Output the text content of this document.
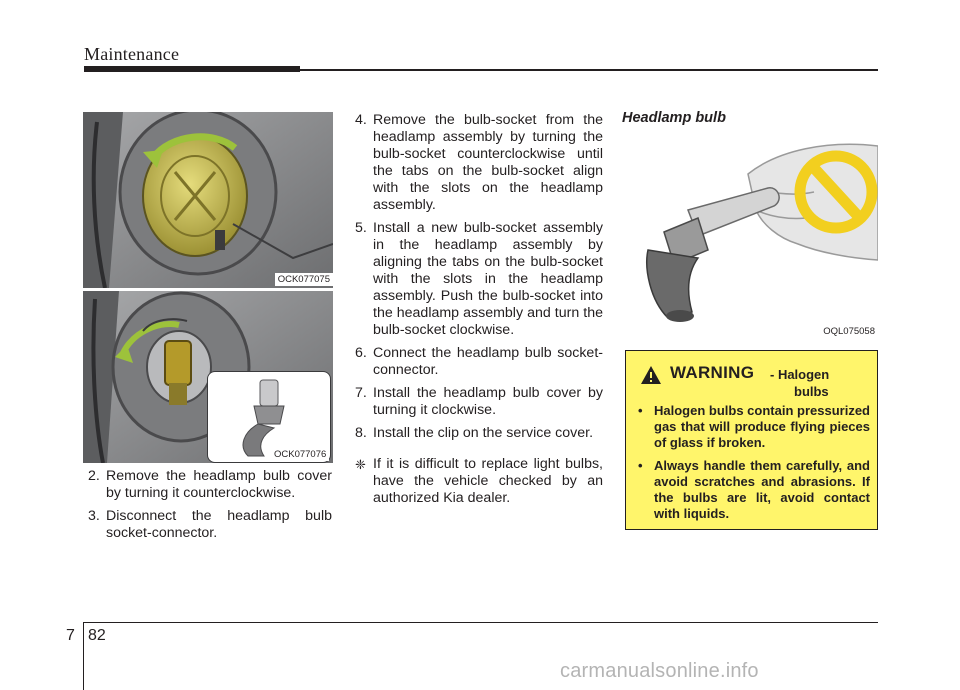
Maintenance
OCK077075
OCK077076
2. Remove the headlamp bulb cover by turning it counterclockwise.
3. Disconnect the headlamp bulb socket-connector.
4. Remove the bulb-socket from the headlamp assembly by turning the bulb-socket counterclockwise until the tabs on the bulb-socket align with the slots on the headlamp assembly.
5. Install a new bulb-socket assembly in the headlamp assembly by aligning the tabs on the bulb-socket with the slots in the headlamp assembly. Push the bulb-socket into the headlamp assembly and turn the bulb-socket clockwise.
6. Connect the headlamp bulb socket-connector.
7. Install the headlamp bulb cover by turning it clockwise.
8. Install the clip on the service cover.
❈ If it is difficult to replace light bulbs, have the vehicle checked by an authorized Kia dealer.
Headlamp bulb
OQL075058
WARNING - Halogen
bulbs
• Halogen bulbs contain pressurized gas that will produce flying pieces of glass if broken.
• Always handle them carefully, and avoid scratches and abrasions. If the bulbs are lit, avoid contact with liquids.
7 82
carmanualsonline.info
